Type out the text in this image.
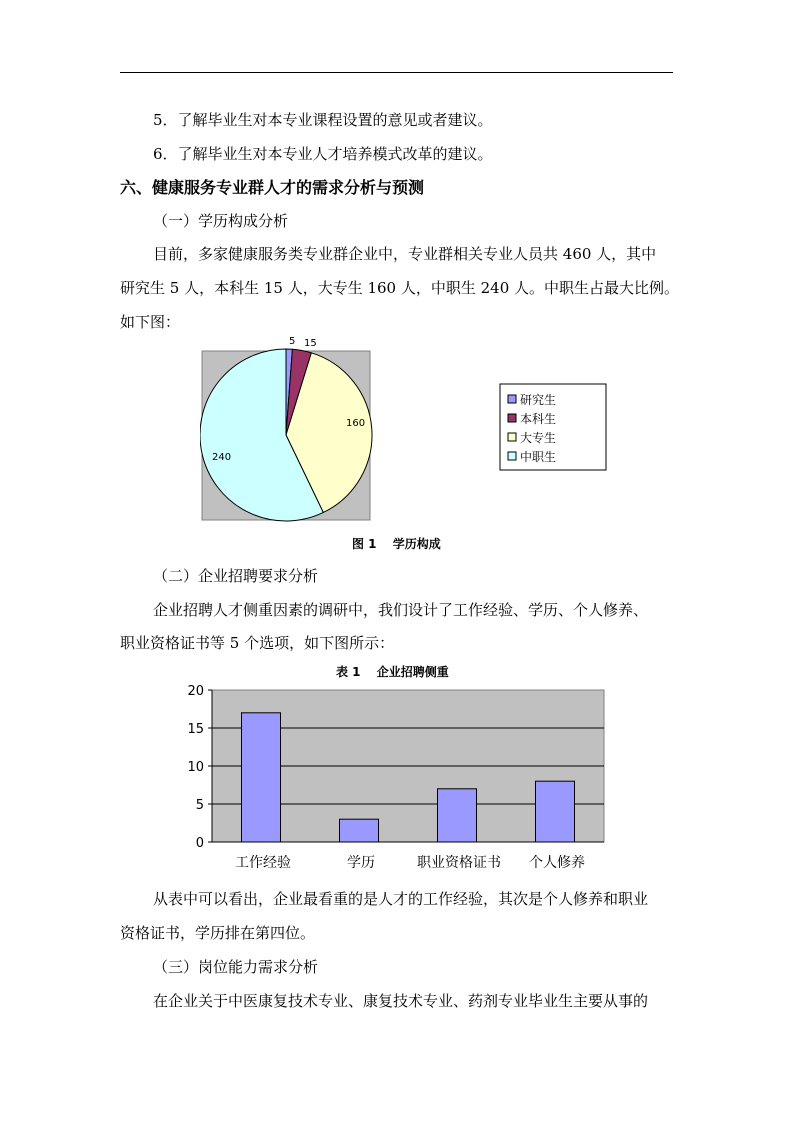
5．了解毕业生对本专业课程设置的意见或者建议。
6．了解毕业生对本专业人才培养模式改革的建议。
六、健康服务专业群人才的需求分析与预测
（一）学历构成分析
目前，多家健康服务类专业群企业中，专业群相关专业人员共 460 人，其中
研究生 5 人，本科生 15 人，大专生 160 人，中职生 240 人。中职生占最大比例。
如下图：
5 15
160
240
研究生
本科生
大专生
中职生
图 1　 学历构成
（二）企业招聘要求分析
企业招聘人才侧重因素的调研中，我们设计了工作经验、学历、个人修养、
职业资格证书等 5 个选项，如下图所示：
表 1　 企业招聘侧重
0
5
10
15
20
工作经验	学历	职业资格证书 个人修养
从表中可以看出，企业最看重的是人才的工作经验，其次是个人修养和职业
资格证书，学历排在第四位。
（三）岗位能力需求分析
在企业关于中医康复技术专业、康复技术专业、药剂专业毕业生主要从事的
